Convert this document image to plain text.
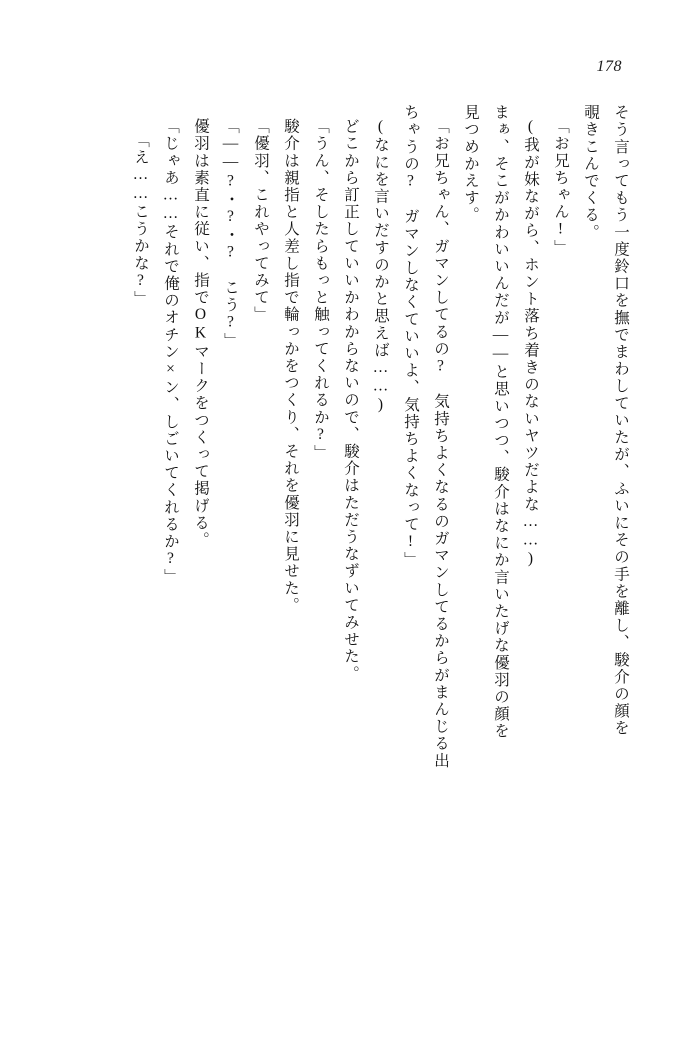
178
そう言ってもう一度鈴口を撫でまわしていたが、ふいにその手を離し、駿介の顔を
覗きこんでくる。
「お兄ちゃん!」
(我が妹ながら、ホント落ち着きのないヤツだよな……)
まぁ、そこがかわいいんだが——と思いつつ、駿介はなにか言いたげな優羽の顔を
見つめかえす。
「お兄ちゃん、ガマンしてるの?　気持ちよくなるのガマンしてるからがまんじる出
ちゃうの?　ガマンしなくていいよ、気持ちよくなって!」
(なにを言いだすのかと思えば……)
どこから訂正していいかわからないので、駿介はただうなずいてみせた。
「うん、そしたらもっと触ってくれるか?」
駿介は親指と人差し指で輪っかをつくり、それを優羽に見せた。
「優羽、これやってみて」
「——?・?・?　こう?」
優羽は素直に従い、指でOKマークをつくって掲げる。
「じゃあ……それで俺のオチン×ン、しごいてくれるか?」
「え……こうかな?」
